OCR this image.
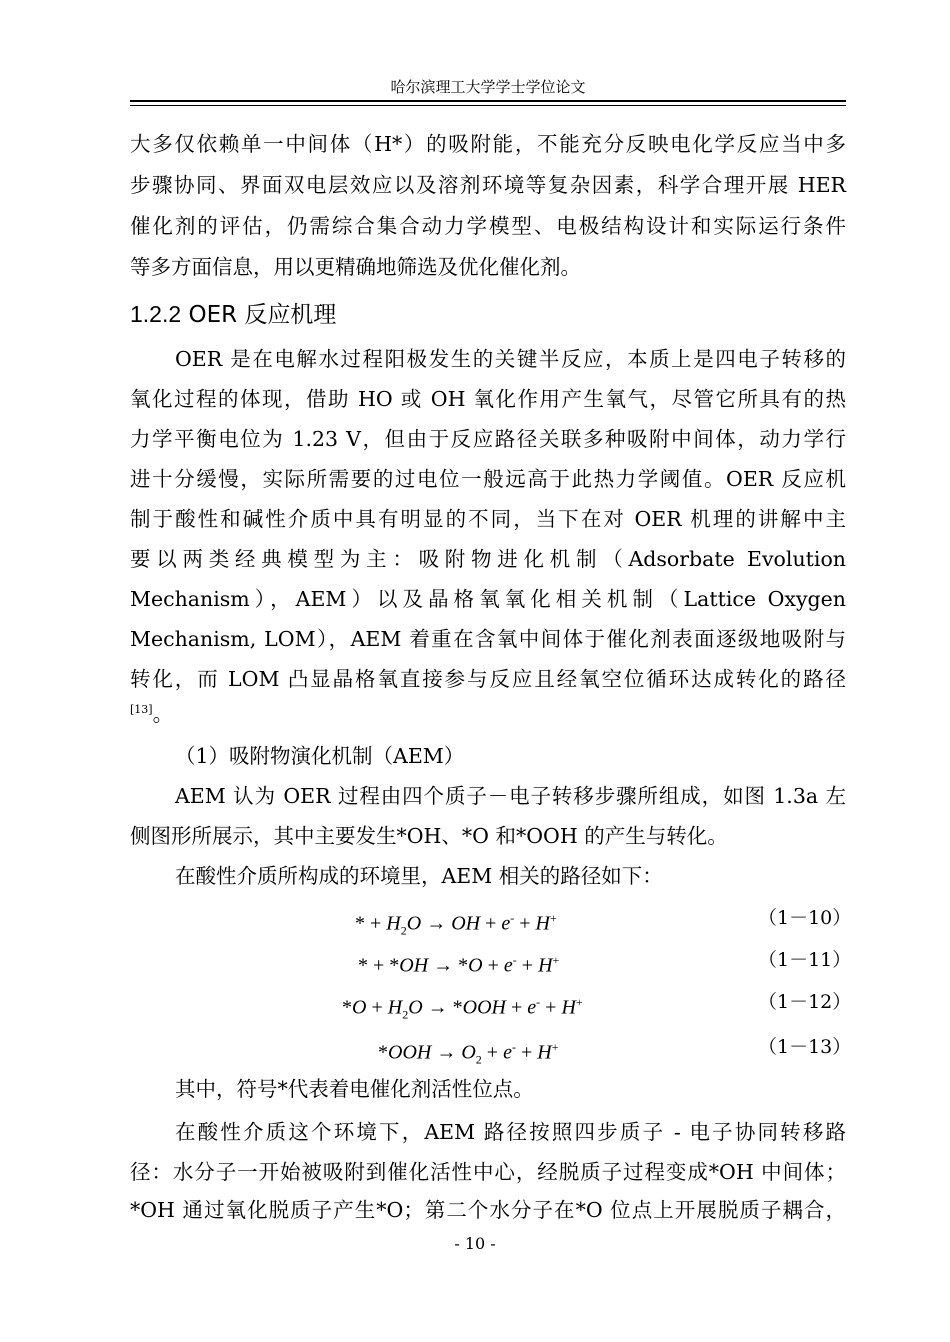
哈尔滨理工大学学士学位论文
大多仅依赖单一中间体（H*）的吸附能，不能充分反映电化学反应当中多
步骤协同、界面双电层效应以及溶剂环境等复杂因素，科学合理开展 HER
催化剂的评估，仍需综合集合动力学模型、电极结构设计和实际运行条件
等多方面信息，用以更精确地筛选及优化催化剂。
1.2.2 OER 反应机理
OER 是在电解水过程阳极发生的关键半反应，本质上是四电子转移的
氧化过程的体现，借助 HO 或 OH 氧化作用产生氧气，尽管它所具有的热
力学平衡电位为 1.23 V，但由于反应路径关联多种吸附中间体，动力学行
进十分缓慢，实际所需要的过电位一般远高于此热力学阈值。OER 反应机
制于酸性和碱性介质中具有明显的不同，当下在对 OER 机理的讲解中主
要以两类经典模型为主：吸附物进化机制（Adsorbate Evolution
Mechanism），AEM）以及晶格氧氧化相关机制（Lattice Oxygen
Mechanism, LOM），AEM 着重在含氧中间体于催化剂表面逐级地吸附与
转化，而 LOM 凸显晶格氧直接参与反应且经氧空位循环达成转化的路径
[13]。
（1）吸附物演化机制（AEM）
AEM 认为 OER 过程由四个质子－电子转移步骤所组成，如图 1.3a 左
侧图形所展示，其中主要发生*OH、*O 和*OOH 的产生与转化。
在酸性介质所构成的环境里，AEM 相关的路径如下：
* + $H_2O$ → OH + e- + H+	（1－10）
* + *OH → *O + e- + H+	（1－11）
$*O + H_2O \to *OOH + e^- + H^+$	（1－12）
$*OOH \to O_2 + e^- + H^+$	（1－13）
其中，符号*代表着电催化剂活性位点。
在酸性介质这个环境下，AEM 路径按照四步质子 - 电子协同转移路
径：水分子一开始被吸附到催化活性中心，经脱质子过程变成*OH 中间体；
*OH 通过氧化脱质子产生*O；第二个水分子在*O 位点上开展脱质子耦合，
- 10 -
